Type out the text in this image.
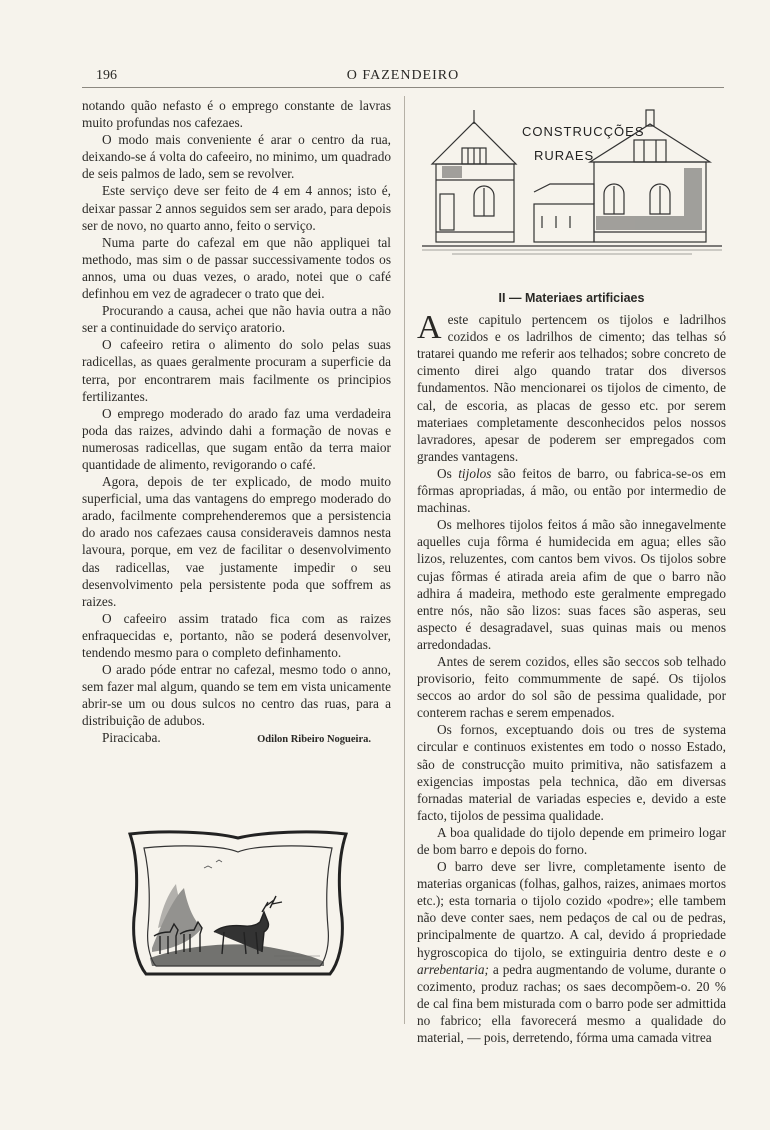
196	O FAZENDEIRO

notando quão nefasto é o emprego constante de lavras muito profundas nos cafezaes.

O modo mais conveniente é arar o centro da rua, deixando-se á volta do cafeeiro, no minimo, um quadrado de seis palmos de lado, sem se revolver.

Este serviço deve ser feito de 4 em 4 annos; isto é, deixar passar 2 annos seguidos sem ser arado, para depois ser de novo, no quarto anno, feito o serviço.

Numa parte do cafezal em que não appliquei tal methodo, mas sim o de passar successivamente todos os annos, uma ou duas vezes, o arado, notei que o café definhou em vez de agradecer o trato que dei.

Procurando a causa, achei que não havia outra a não ser a continuidade do serviço aratorio.

O cafeeiro retira o alimento do solo pelas suas radicellas, as quaes geralmente procuram a superficie da terra, por encontrarem mais facilmente os principios fertilizantes.

O emprego moderado do arado faz uma verdadeira poda das raizes, advindo dahi a formação de novas e numerosas radicellas, que sugam então da terra maior quantidade de alimento, revigorando o café.

Agora, depois de ter explicado, de modo muito superficial, uma das vantagens do emprego moderado do arado, facilmente comprehenderemos que a persistencia do arado nos cafezaes causa consideraveis damnos nesta lavoura, porque, em vez de facilitar o desenvolvimento das radicellas, vae justamente impedir o seu desenvolvimento pela persistente poda que soffrem as raizes.

O cafeeiro assim tratado fica com as raizes enfraquecidas e, portanto, não se poderá desenvolver, tendendo mesmo para o completo definhamento.

O arado póde entrar no cafezal, mesmo todo o anno, sem fazer mal algum, quando se tem em vista unicamente abrir-se um ou dous sulcos no centro das ruas, para a distribuição de adubos.

Piracicaba.	Odilon Ribeiro Nogueira.
CONSTRUCÇÕES
RURAES
II — Materiaes artificiaes

Aeste capitulo pertencem os tijolos e ladrilhos cozidos e os ladrilhos de cimento; das telhas só tratarei quando me referir aos telhados; sobre concreto de cimento direi algo quando tratar dos diversos fundamentos. Não mencionarei os tijolos de cimento, de cal, de escoria, as placas de gesso etc. por serem materiaes completamente desconhecidos pelos nossos lavradores, apesar de poderem ser empregados com grandes vantagens.

Os tijolos são feitos de barro, ou fabrica-se-os em fôrmas apropriadas, á mão, ou então por intermedio de machinas.

Os melhores tijolos feitos á mão são innegavelmente aquelles cuja fôrma é humidecida em agua; elles são lizos, reluzentes, com cantos bem vivos. Os tijolos sobre cujas fôrmas é atirada areia afim de que o barro não adhira á madeira, methodo este geralmente empregado entre nós, não são lizos: suas faces são asperas, seu aspecto é desagradavel, suas quinas mais ou menos arredondadas.

Antes de serem cozidos, elles são seccos sob telhado provisorio, feito commummente de sapé. Os tijolos seccos ao ardor do sol são de pessima qualidade, por conterem rachas e serem empenados.

Os fornos, exceptuando dois ou tres de systema circular e continuos existentes em todo o nosso Estado, são de construcção muito primitiva, não satisfazem a exigencias impostas pela technica, dão em diversas fornadas material de variadas especies e, devido a este facto, tijolos de pessima qualidade.

A boa qualidade do tijolo depende em primeiro logar de bom barro e depois do forno.

O barro deve ser livre, completamente isento de materias organicas (folhas, galhos, raizes, animaes mortos etc.); esta tornaria o tijolo cozido «podre»; elle tambem não deve conter saes, nem pedaços de cal ou de pedras, principalmente de quartzo. A cal, devido á propriedade hygroscopica do tijolo, se extinguiria dentro deste e o arrebentaria; a pedra augmentando de volume, durante o cozimento, produz rachas; os saes decompõem-o. 20 % de cal fina bem misturada com o barro pode ser admittida no fabrico; ella favorecerá mesmo a qualidade do material, — pois, derretendo, fórma uma camada vitrea
